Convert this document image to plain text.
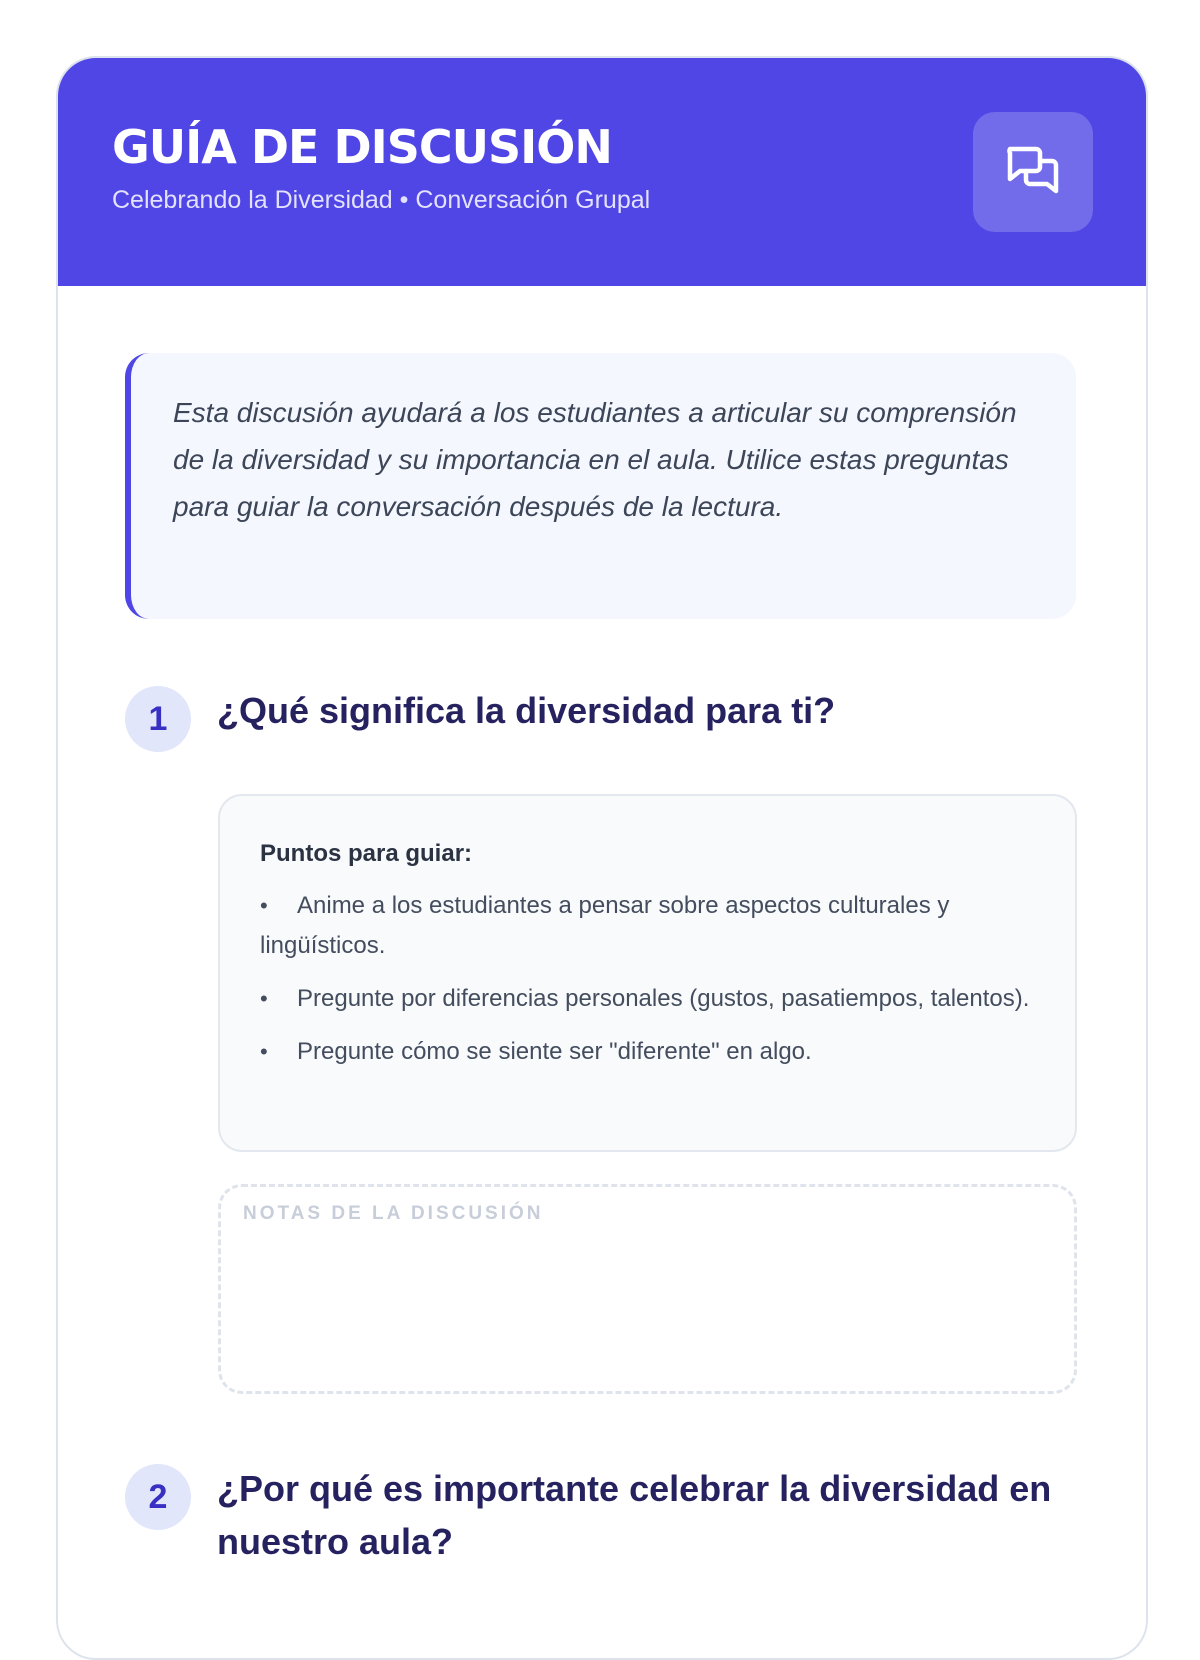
GUÍA DE DISCUSIÓN
Celebrando la Diversidad • Conversación Grupal

Esta discusión ayudará a los estudiantes a articular su comprensión de la diversidad y su importancia en el aula. Utilice estas preguntas para guiar la conversación después de la lectura.

1	¿Qué significa la diversidad para ti?

Puntos para guiar:

• Anime a los estudiantes a pensar sobre aspectos culturales y lingüísticos.
• Pregunte por diferencias personales (gustos, pasatiempos, talentos).
• Pregunte cómo se siente ser "diferente" en algo.
NOTAS DE LA DISCUSIÓN
2	¿Por qué es importante celebrar la diversidad en nuestro aula?
